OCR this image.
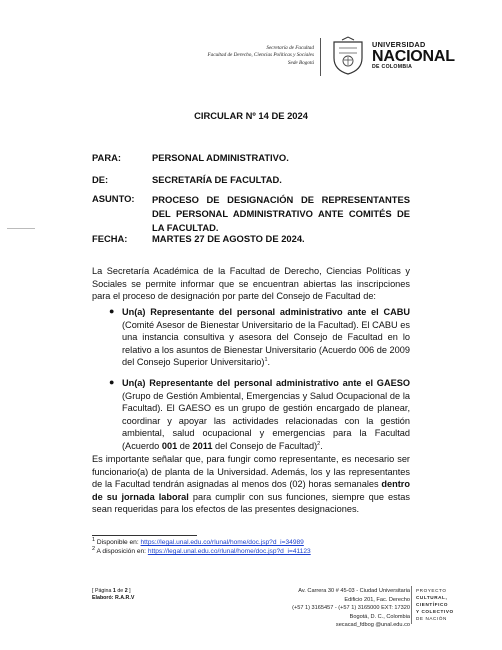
Secretaría de Facultad
Facultad de Derecho, Ciencias Políticas y Sociales
Sede Bogotá
UNIVERSIDAD
NACIONAL
DE COLOMBIA
CIRCULAR Nº 14 DE 2024
PARA:	PERSONAL ADMINISTRATIVO.
DE:	SECRETARÍA DE FACULTAD.
ASUNTO: PROCESO DE DESIGNACIÓN DE REPRESENTANTES DEL PERSONAL ADMINISTRATIVO ANTE COMITÉS DE LA FACULTAD.
FECHA:	MARTES 27 DE AGOSTO DE 2024.
La Secretaría Académica de la Facultad de Derecho, Ciencias Políticas y Sociales se permite informar que se encuentran abiertas las inscripciones para el proceso de designación por parte del Consejo de Facultad de:
● Un(a) Representante del personal administrativo ante el CABU (Comité Asesor de Bienestar Universitario de la Facultad). El CABU es una instancia consultiva y asesora del Consejo de Facultad en lo relativo a los asuntos de Bienestar Universitario (Acuerdo 006 de 2009 del Consejo Superior Universitario)$^1$.
● Un(a) Representante del personal administrativo ante el GAESO (Grupo de Gestión Ambiental, Emergencias y Salud Ocupacional de la Facultad). El GAESO es un grupo de gestión encargado de planear, coordinar y apoyar las actividades relacionadas con la gestión ambiental, salud ocupacional y emergencias para la Facultad (Acuerdo 001 de 2011 del Consejo de Facultad)$^2$.
Es importante señalar que, para fungir como representante, es necesario ser funcionario(a) de planta de la Universidad. Además, los y las representantes de la Facultad tendrán asignadas al menos dos (02) horas semanales dentro de su jornada laboral para cumplir con sus funciones, siempre que estas sean requeridas para los efectos de las presentes designaciones.
$^1$ Disponible en: https://legal.unal.edu.co/rlunal/home/doc.jsp?d_i=34989
$^2$ A disposición en: https://legal.unal.edu.co/rlunal/home/doc.jsp?d_i=41123
[ Página 1 de 2 ]
Elaboró: R.A.R.V
Av. Carrera 30 # 45-03 - Ciudad Universitaria
Edificio 201, Fac. Derecho
(+57 1) 3165457 - (+57 1) 3165000 EXT: 17320
Bogotá, D. C., Colombia
secacad_fdbog @unal.edu.co
PROYECTO
CULTURAL,
CIENTÍFICO
Y COLECTIVO
DE NACIÓN
